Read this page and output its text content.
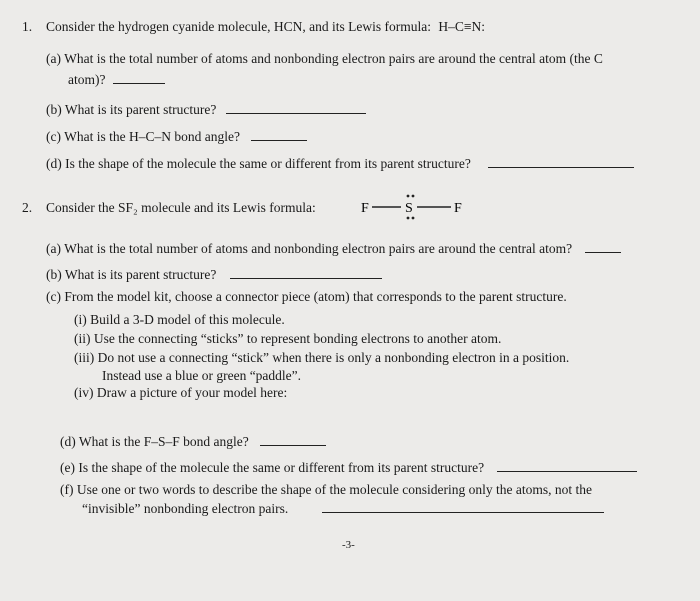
1. Consider the hydrogen cyanide molecule, HCN, and its Lewis formula: H–C≡N:
(a) What is the total number of atoms and nonbonding electron pairs are around the central atom (the C
atom)?
(b) What is its parent structure?
(c) What is the H–C–N bond angle?
(d) Is the shape of the molecule the same or different from its parent structure?
2. Consider the SF₂ molecule and its Lewis formula:	F	S	F
(a) What is the total number of atoms and nonbonding electron pairs are around the central atom?
(b) What is its parent structure?
(c) From the model kit, choose a connector piece (atom) that corresponds to the parent structure.
(i) Build a 3-D model of this molecule.
(ii) Use the connecting “sticks” to represent bonding electrons to another atom.
(iii) Do not use a connecting “stick” when there is only a nonbonding electron in a position.
Instead use a blue or green “paddle”.
(iv) Draw a picture of your model here:
(d) What is the F–S–F bond angle?
(e) Is the shape of the molecule the same or different from its parent structure?
(f) Use one or two words to describe the shape of the molecule considering only the atoms, not the
“invisible” nonbonding electron pairs.
-3-
